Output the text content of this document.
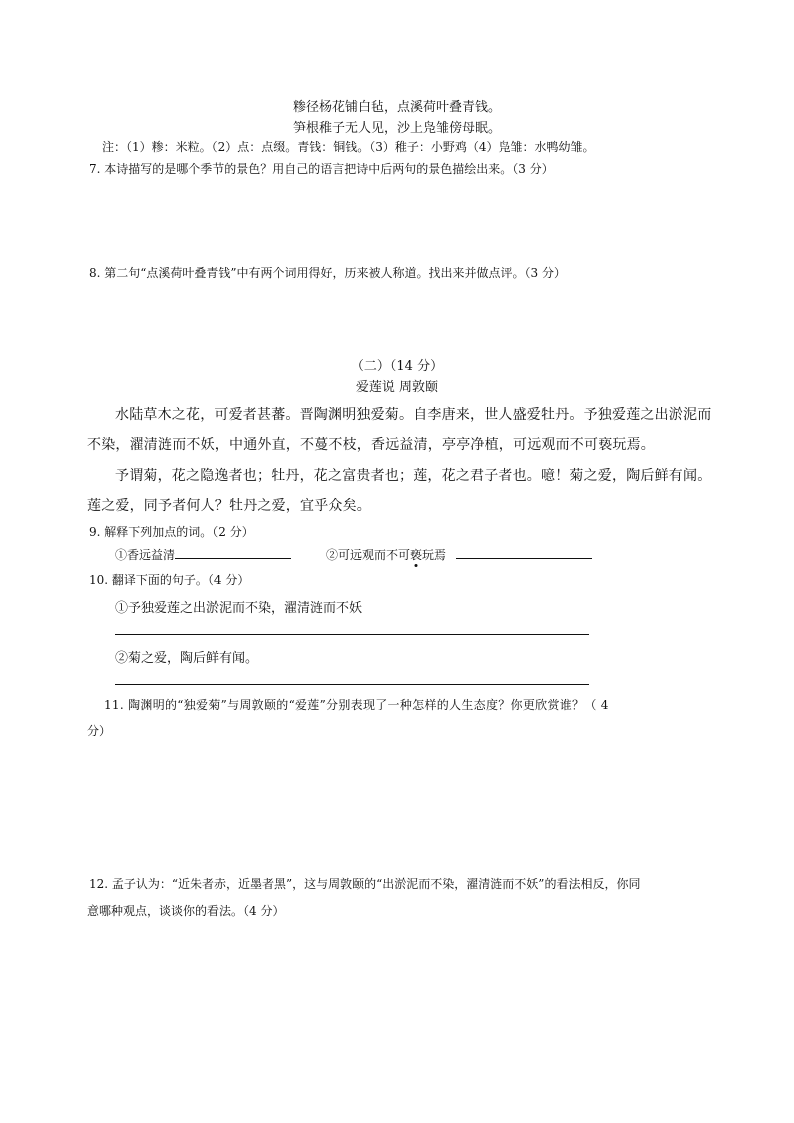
糁径杨花铺白毡，点溪荷叶叠青钱。
笋根稚子无人见，沙上凫雏傍母眠。
注：（1）糁：米粒。（2）点：点缀。青钱：铜钱。（3）稚子：小野鸡（4）凫雏：水鸭幼雏。
7. 本诗描写的是哪个季节的景色？用自己的语言把诗中后两句的景色描绘出来。（3 分）
8. 第二句“点溪荷叶叠青钱”中有两个词用得好，历来被人称道。找出来并做点评。（3 分）
（二）（14 分）
爱莲说 周敦颐
水陆草木之花，可爱者甚蕃。晋陶渊明独爱菊。自李唐来，世人盛爱牡丹。予独爱莲之出淤泥而
不染，濯清涟而不妖，中通外直，不蔓不枝，香远益清，亭亭净植，可远观而不可亵玩焉。
予谓菊，花之隐逸者也；牡丹，花之富贵者也；莲，花之君子者也。噫！菊之爱，陶后鲜有闻。
莲之爱，同予者何人？牡丹之爱，宜乎众矣。
9. 解释下列加点的词。（2 分）
①香远益清	②可远观而不可亵玩焉
10. 翻译下面的句子。（4 分）
①予独爱莲之出淤泥而不染，濯清涟而不妖
②菊之爱，陶后鲜有闻。
11. 陶渊明的“独爱菊”与周敦颐的“爱莲”分别表现了一种怎样的人生态度？你更欣赏谁？（ 4
分）
12. 孟子认为：“近朱者赤，近墨者黑”，这与周敦颐的“出淤泥而不染，濯清涟而不妖”的看法相反，你同
意哪种观点，谈谈你的看法。（4 分）
